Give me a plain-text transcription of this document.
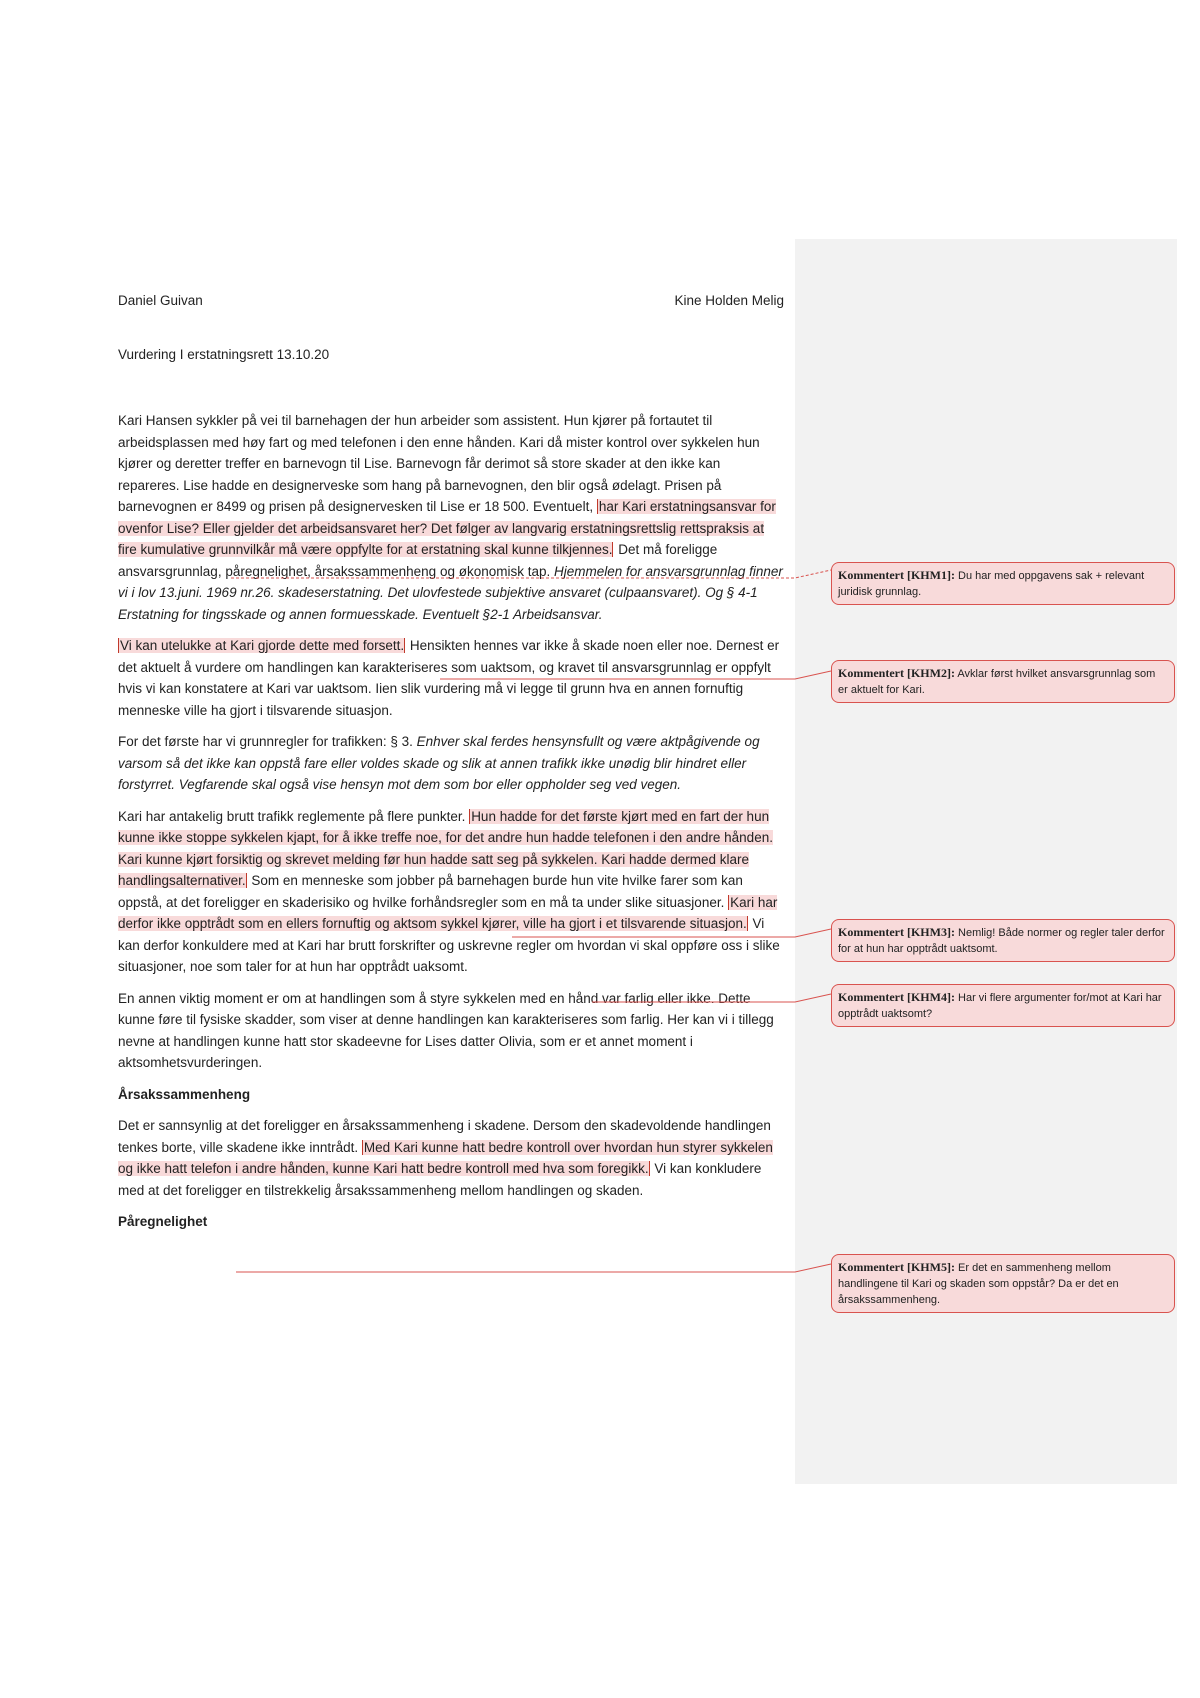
Daniel Guivan	Kine Holden Melig
Vurdering I erstatningsrett 13.10.20

Kari Hansen sykkler på vei til barnehagen der hun arbeider som assistent. Hun kjører på fortautet til arbeidsplassen med høy fart og med telefonen i den enne hånden. Kari då mister kontrol over sykkelen hun kjører og deretter treffer en barnevogn til Lise. Barnevogn får derimot så store skader at den ikke kan repareres. Lise hadde en designerveske som hang på barnevognen, den blir også ødelagt. Prisen på barnevognen er 8499 og prisen på designervesken til Lise er 18 500. Eventuelt, har Kari erstatningsansvar for ovenfor Lise? Eller gjelder det arbeidsansvaret her? Det følger av langvarig erstatningsrettslig rettspraksis at fire kumulative grunnvilkår må være oppfylte for at erstatning skal kunne tilkjennes. Det må foreligge ansvarsgrunnlag, påregnelighet, årsakssammenheng og økonomisk tap. Hjemmelen for ansvarsgrunnlag finner vi i lov 13.juni. 1969 nr.26. skadeserstatning. Det ulovfestede subjektive ansvaret (culpaansvaret). Og § 4-1 Erstatning for tingsskade og annen formuesskade. Eventuelt §2-1 Arbeidsansvar.

Vi kan utelukke at Kari gjorde dette med forsett. Hensikten hennes var ikke å skade noen eller noe. Dernest er det aktuelt å vurdere om handlingen kan karakteriseres som uaktsom, og kravet til ansvarsgrunnlag er oppfylt hvis vi kan konstatere at Kari var uaktsom. Iien slik vurdering må vi legge til grunn hva en annen fornuftig menneske ville ha gjort i tilsvarende situasjon.

For det første har vi grunnregler for trafikken: § 3. Enhver skal ferdes hensynsfullt og være aktpågivende og varsom så det ikke kan oppstå fare eller voldes skade og slik at annen trafikk ikke unødig blir hindret eller forstyrret. Vegfarende skal også vise hensyn mot dem som bor eller oppholder seg ved vegen.

Kari har antakelig brutt trafikk reglemente på flere punkter. Hun hadde for det første kjørt med en fart der hun kunne ikke stoppe sykkelen kjapt, for å ikke treffe noe, for det andre hun hadde telefonen i den andre hånden. Kari kunne kjørt forsiktig og skrevet melding før hun hadde satt seg på sykkelen. Kari hadde dermed klare handlingsalternativer. Som en menneske som jobber på barnehagen burde hun vite hvilke farer som kan oppstå, at det foreligger en skaderisiko og hvilke forhåndsregler som en må ta under slike situasjoner. Kari har derfor ikke opptrådt som en ellers fornuftig og aktsom sykkel kjører, ville ha gjort i et tilsvarende situasjon. Vi kan derfor konkuldere med at Kari har brutt forskrifter og uskrevne regler om hvordan vi skal oppføre oss i slike situasjoner, noe som taler for at hun har opptrådt uaksomt.

En annen viktig moment er om at handlingen som å styre sykkelen med en hånd var farlig eller ikke. Dette kunne føre til fysiske skadder, som viser at denne handlingen kan karakteriseres som farlig. Her kan vi i tillegg nevne at handlingen kunne hatt stor skadeevne for Lises datter Olivia, som er et annet moment i aktsomhetsvurderingen.

Årsakssammenheng

Det er sannsynlig at det foreligger en årsakssammenheng i skadene. Dersom den skadevoldende handlingen tenkes borte, ville skadene ikke inntrådt. Med Kari kunne hatt bedre kontroll over hvordan hun styrer sykkelen og ikke hatt telefon i andre hånden, kunne Kari hatt bedre kontroll med hva som foregikk. Vi kan konkludere med at det foreligger en tilstrekkelig årsakssammenheng mellom handlingen og skaden.

Påregnelighet
Kommentert [KHM1]: Du har med oppgavens sak + relevant juridisk grunnlag.
Kommentert [KHM2]: Avklar først hvilket ansvarsgrunnlag som er aktuelt for Kari.
Kommentert [KHM3]: Nemlig! Både normer og regler taler derfor for at hun har opptrådt uaktsomt.
Kommentert [KHM4]: Har vi flere argumenter for/mot at Kari har opptrådt uaktsomt?
Kommentert [KHM5]: Er det en sammenheng mellom handlingene til Kari og skaden som oppstår? Da er det en årsakssammenheng.
